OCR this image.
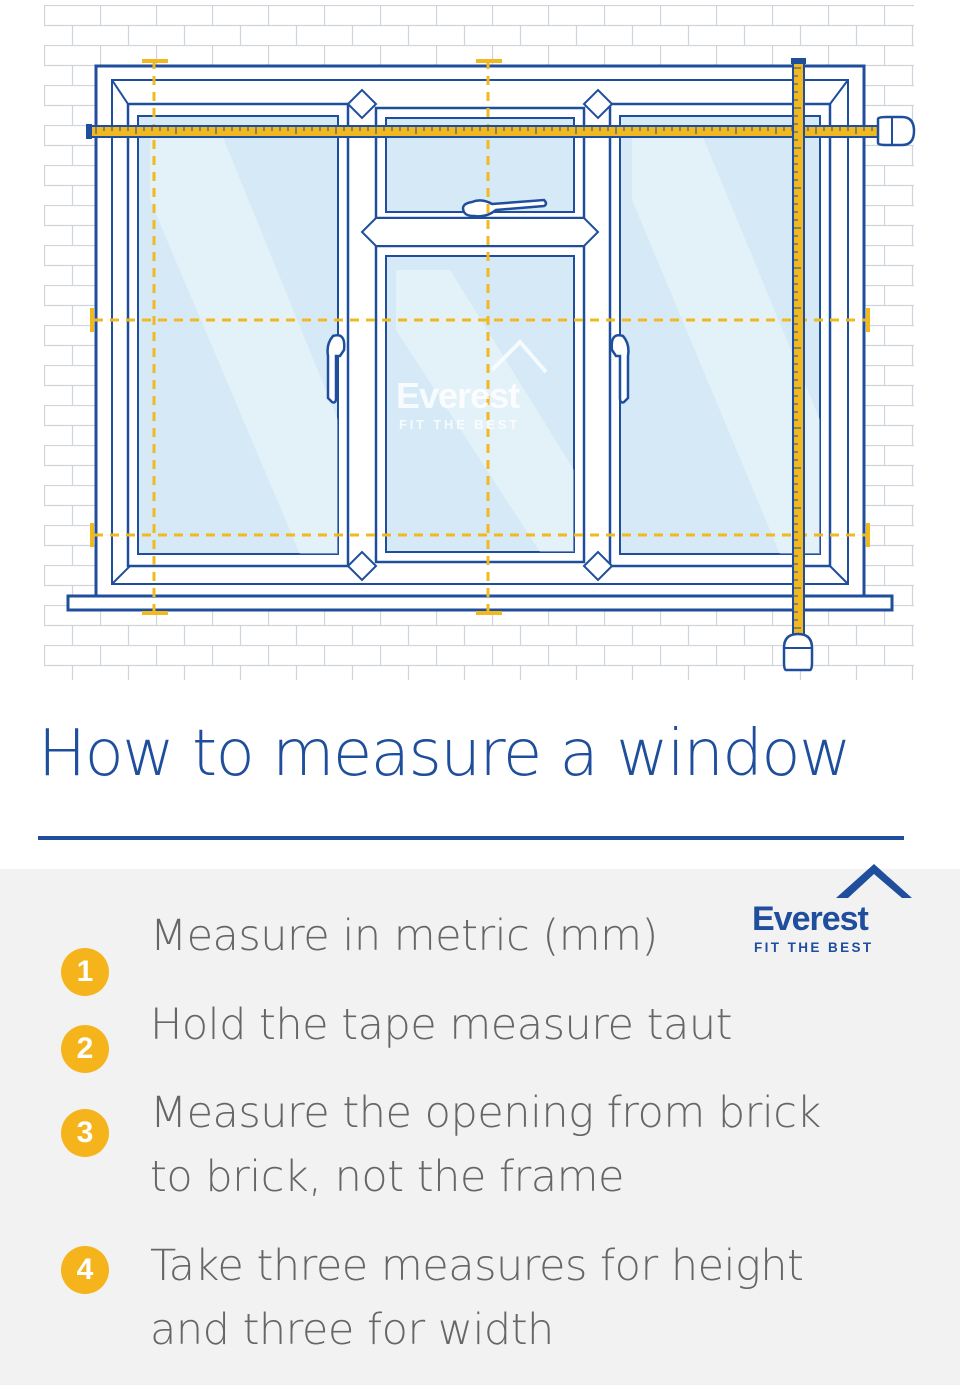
Everest

FIT THE BEST

How to measure a window

Everest

FIT THE BEST

1

Measure in metric (mm)

2	Hold the tape measure taut

3	Measure the opening from brick to brick, not the frame

4	Take three measures for height and three for width
